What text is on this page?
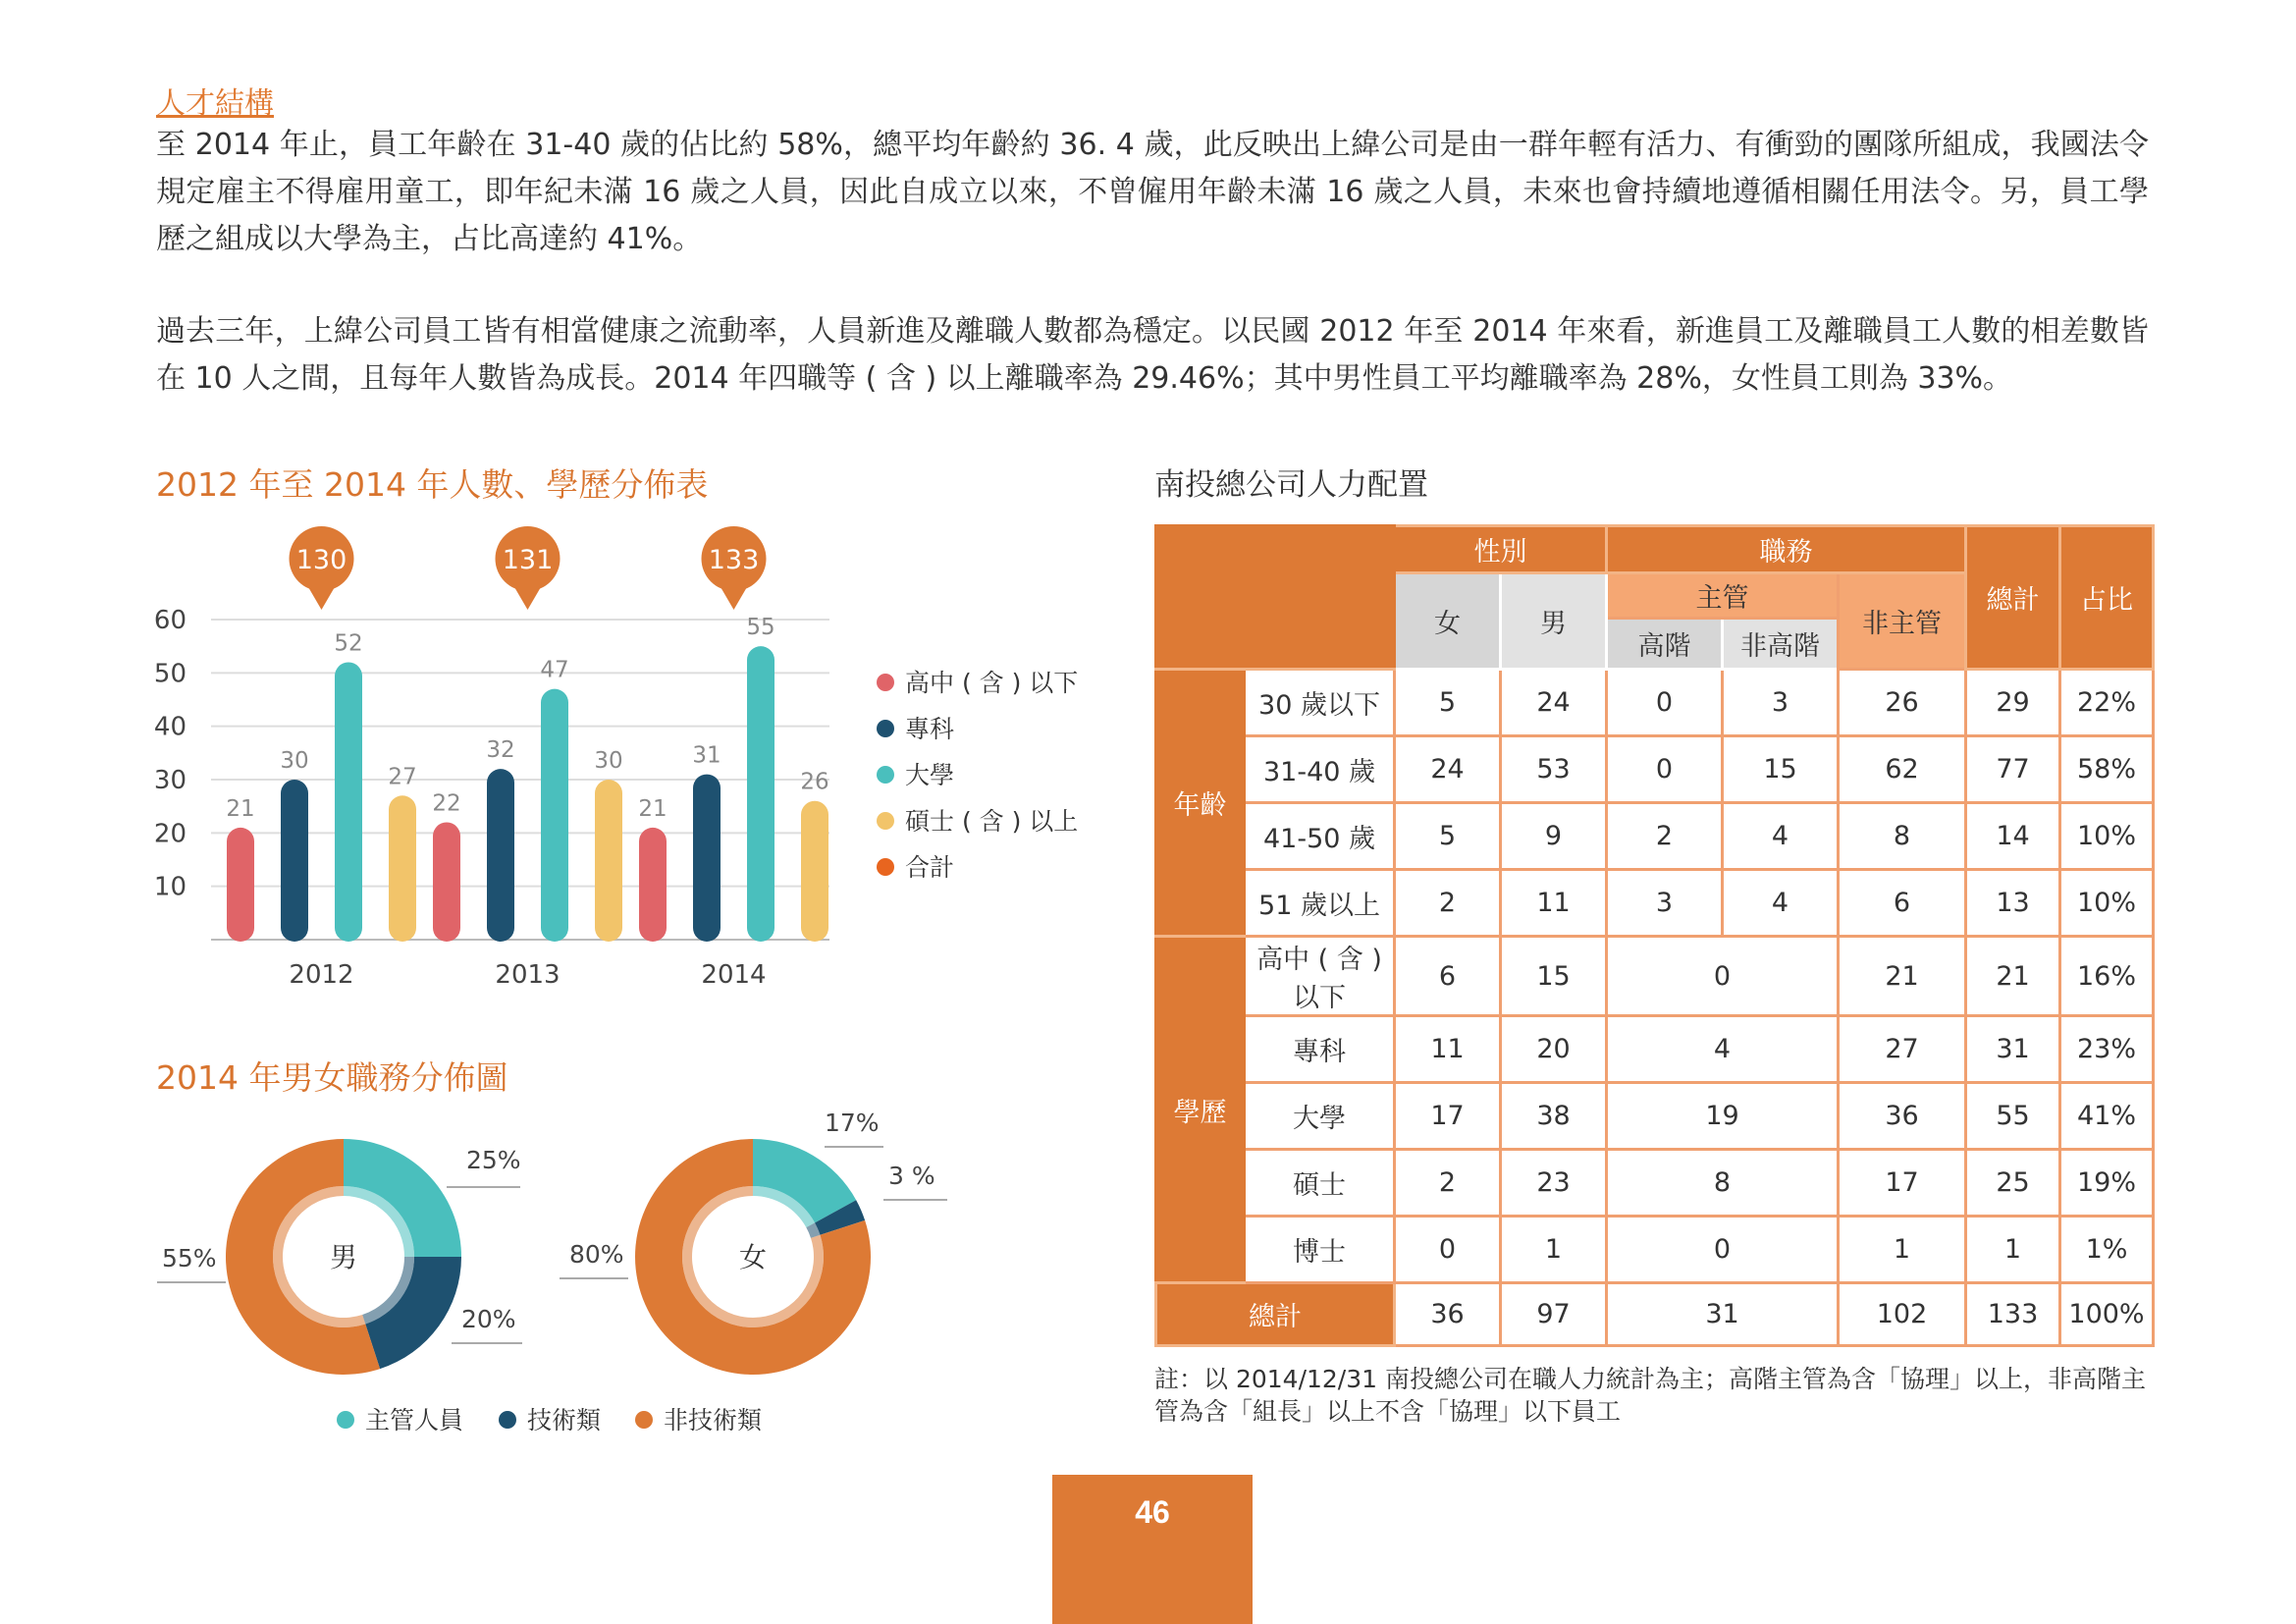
人才結構
至 2014 年止，員工年齡在 31-40 歲的佔比約 58%，總平均年齡約 36. 4 歲，此反映出上緯公司是由一群年輕有活力、有衝勁的團隊所組成，我國法令規定雇主不得雇用童工，即年紀未滿 16 歲之人員，因此自成立以來，不曾僱用年齡未滿 16 歲之人員，未來也會持續地遵循相關任用法令。另，員工學歷之組成以大學為主，占比高達約 41%。
過去三年，上緯公司員工皆有相當健康之流動率，人員新進及離職人數都為穩定。以民國 2012 年至 2014 年來看，新進員工及離職員工人數的相差數皆在 10 人之間，且每年人數皆為成長。2014 年四職等 ( 含 ) 以上離職率為 29.46%；其中男性員工平均離職率為 28%，女性員工則為 33%。
2012 年至 2014 年人數、學歷分佈表
60
50
40
30
20
10
21
30
52
27
2012
130
22
32
47
30
2013
131
21
31
55
26
2014
133
高中 ( 含 ) 以下
專科
大學
碩士 ( 含 ) 以上
合計
2014 年男女職務分佈圖
25%
20%
55%	男
17%
3 %
80%	女
主管人員	技術類	非技術類
南投總公司人力配置
		性別		職務			總計	占比
		女	男	主管		非主管		
				高階	非高階			
年齡	30 歲以下	5	24	0	3	26	29	22%
	31-40 歲	24	53	0	15	62	77	58%
	41-50 歲	5	9	2	4	8	14	10%
	51 歲以上	2	11	3	4	6	13	10%
學歷	高中 ( 含 ) 以下	6	15	0		21	21	16%
	專科	11	20	4		27	31	23%
	大學	17	38	19		36	55	41%
	碩士	2	23	8		17	25	19%
	博士	0	1	0		1	1	1%
總計		36	97	31		102	133	100%
註：以 2014/12/31 南投總公司在職人力統計為主；高階主管為含「協理」以上，非高階主管為含「組長」以上不含「協理」以下員工
46
